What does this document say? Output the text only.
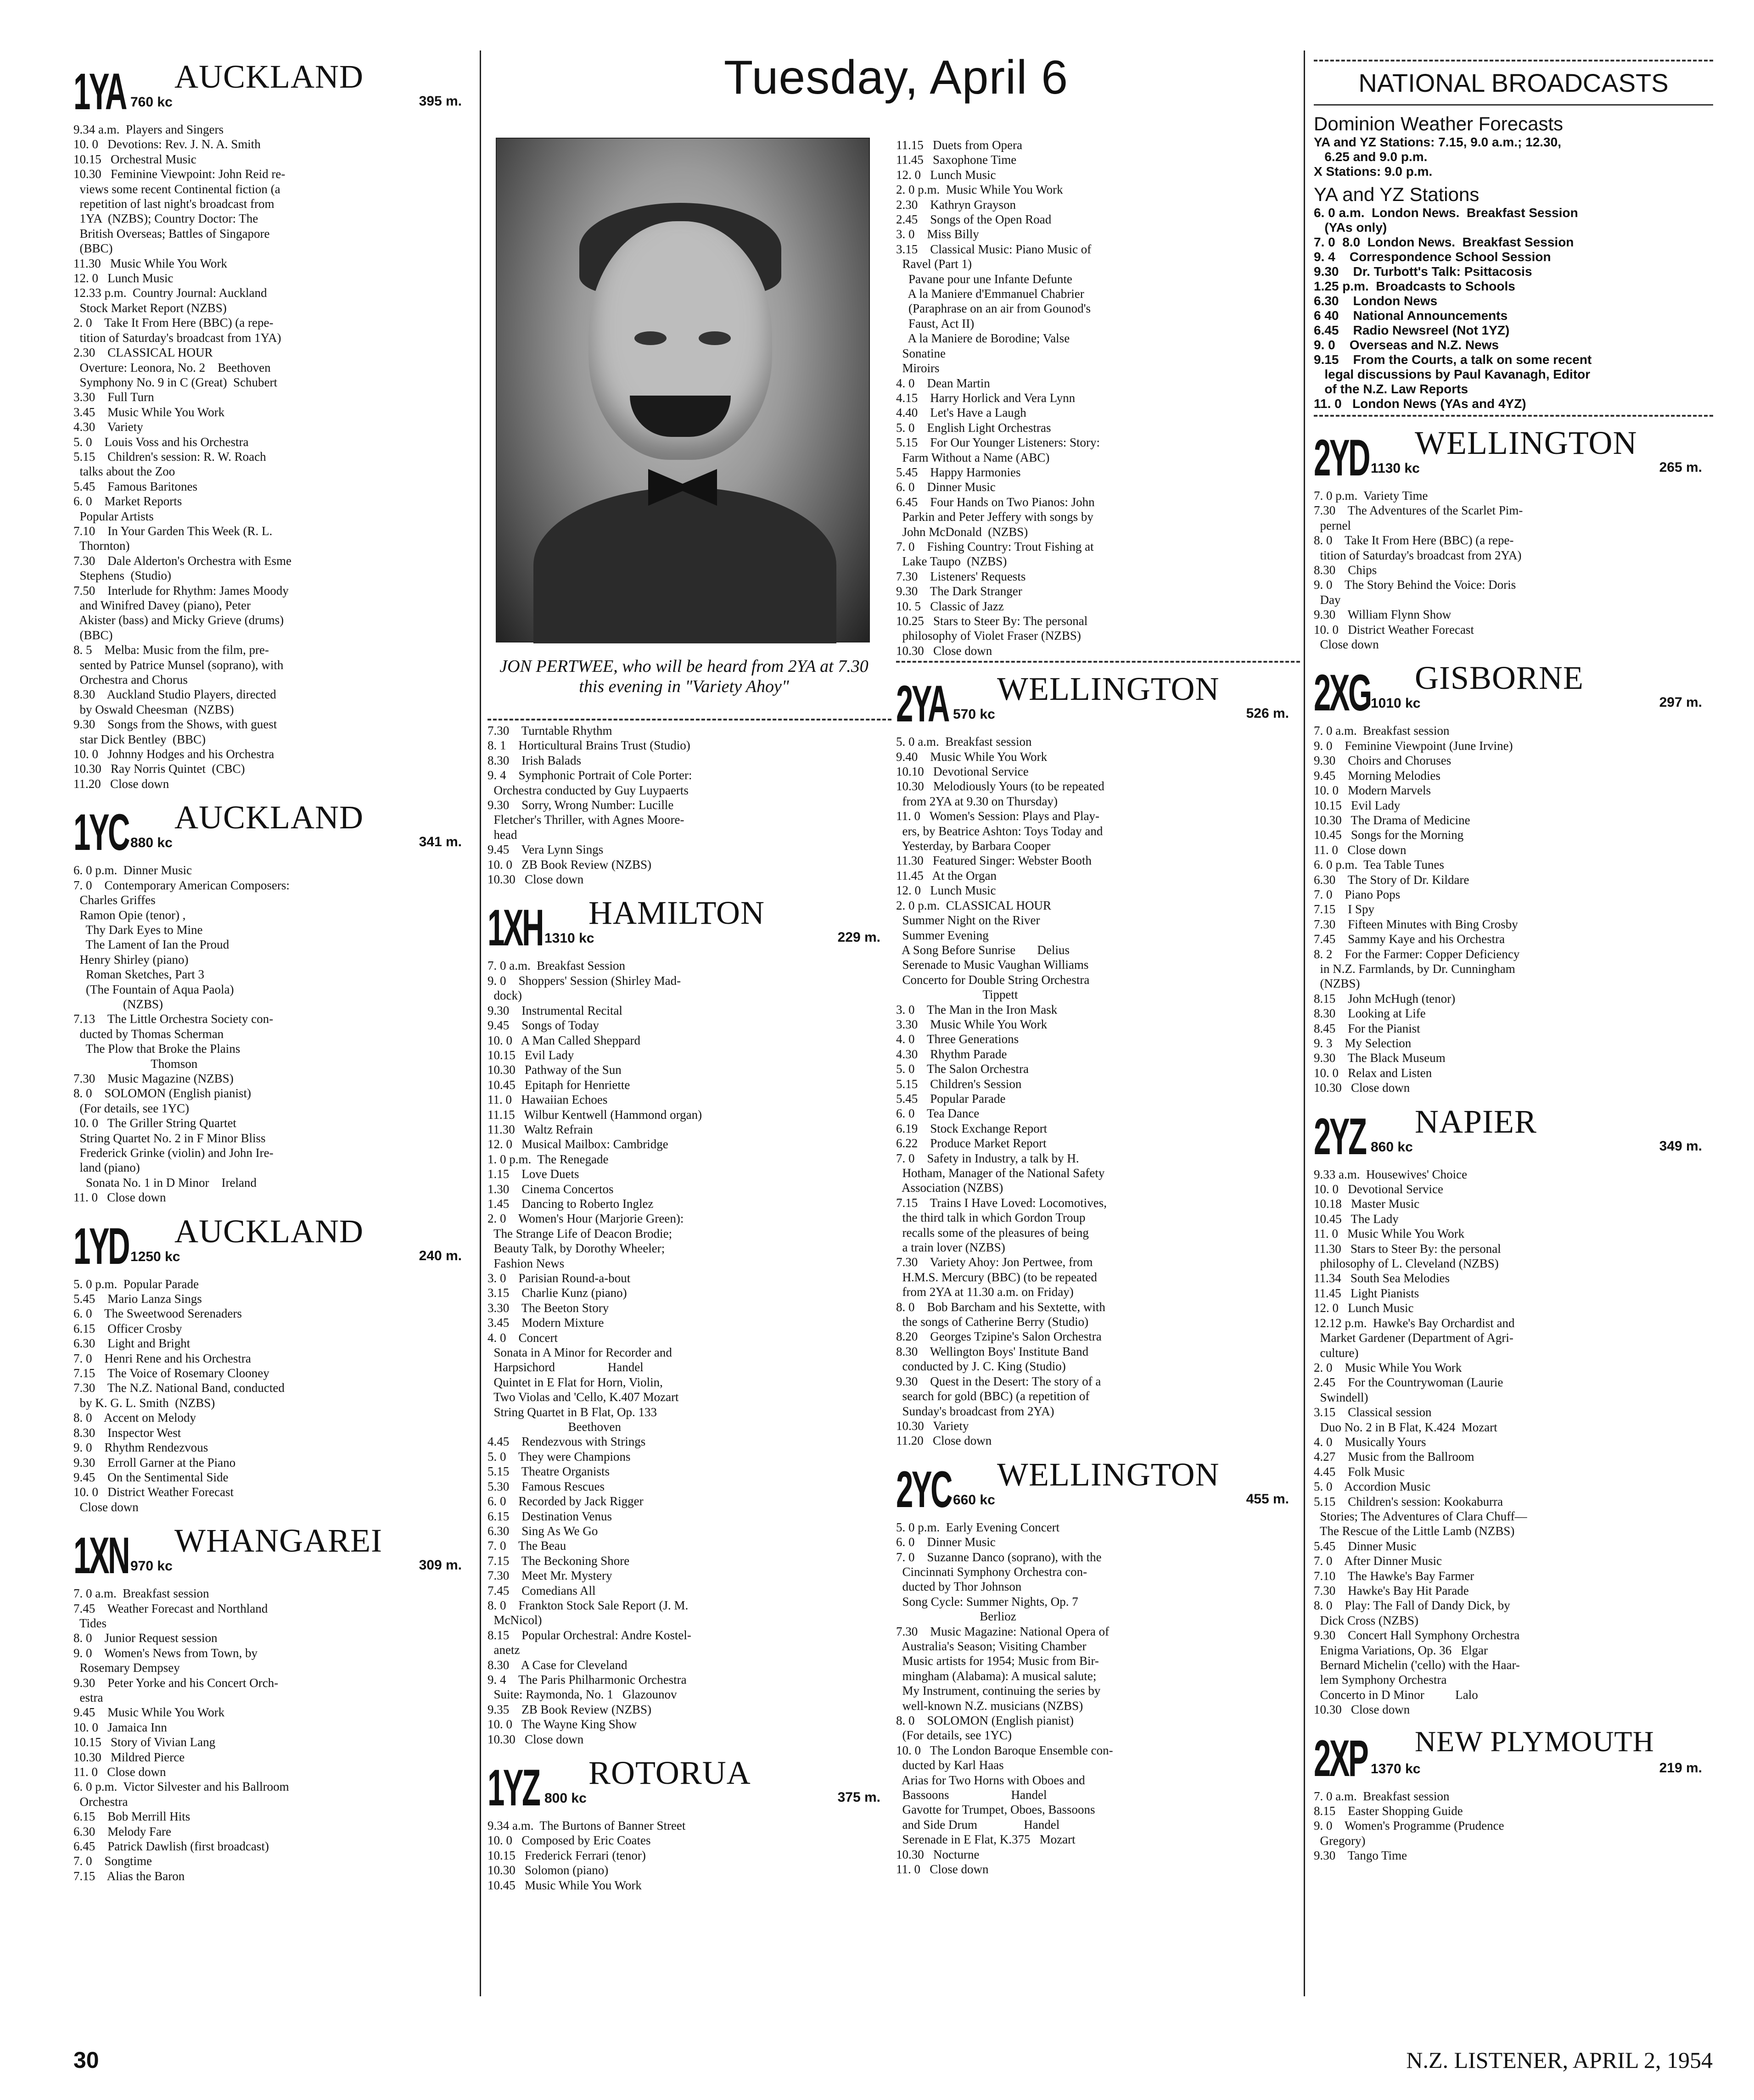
1YA 760 kc
AUCKLAND
395 m.
9.34 a.m.  Players and Singers
10. 0   Devotions: Rev. J. N. A. Smith
10.15   Orchestral Music
10.30   Feminine Viewpoint: John Reid re-
views some recent Continental fiction (a
repetition of last night's broadcast from
1YA  (NZBS); Country Doctor: The
British Overseas; Battles of Singapore
(BBC)
11.30   Music While You Work
12. 0   Lunch Music
12.33 p.m.  Country Journal: Auckland
Stock Market Report (NZBS)
2. 0    Take It From Here (BBC) (a repe-
tition of Saturday's broadcast from 1YA)
2.30    CLASSICAL HOUR
Overture: Leonora, No. 2    Beethoven
Symphony No. 9 in C (Great)  Schubert
3.30    Full Turn
3.45    Music While You Work
4.30    Variety
5. 0    Louis Voss and his Orchestra
5.15    Children's session: R. W. Roach
talks about the Zoo
5.45    Famous Baritones
6. 0    Market Reports
Popular Artists
7.10    In Your Garden This Week (R. L.
Thornton)
7.30    Dale Alderton's Orchestra with Esme
Stephens  (Studio)
7.50    Interlude for Rhythm: James Moody
and Winifred Davey (piano), Peter
Akister (bass) and Micky Grieve (drums)
(BBC)
8. 5    Melba: Music from the film, pre-
sented by Patrice Munsel (soprano), with
Orchestra and Chorus
8.30    Auckland Studio Players, directed
by Oswald Cheesman  (NZBS)
9.30    Songs from the Shows, with guest
star Dick Bentley  (BBC)
10. 0   Johnny Hodges and his Orchestra
10.30   Ray Norris Quintet  (CBC)
11.20   Close down
1YC 880 kc
AUCKLAND
341 m.
6. 0 p.m.  Dinner Music
7. 0    Contemporary American Composers:
Charles Griffes
Ramon Opie (tenor) ,
Thy Dark Eyes to Mine
The Lament of Ian the Proud
Henry Shirley (piano)
Roman Sketches, Part 3
(The Fountain of Aqua Paola)
(NZBS)
7.13    The Little Orchestra Society con-
ducted by Thomas Scherman
The Plow that Broke the Plains
Thomson
7.30    Music Magazine (NZBS)
8. 0    SOLOMON (English pianist)
(For details, see 1YC)
10. 0   The Griller String Quartet
String Quartet No. 2 in F Minor Bliss
Frederick Grinke (violin) and John Ire-
land (piano)
Sonata No. 1 in D Minor    Ireland
11. 0   Close down
1YD 1250 kc
AUCKLAND
240 m.
5. 0 p.m.  Popular Parade
5.45    Mario Lanza Sings
6. 0    The Sweetwood Serenaders
6.15    Officer Crosby
6.30    Light and Bright
7. 0    Henri Rene and his Orchestra
7.15    The Voice of Rosemary Clooney
7.30    The N.Z. National Band, conducted
by K. G. L. Smith  (NZBS)
8. 0    Accent on Melody
8.30    Inspector West
9. 0    Rhythm Rendezvous
9.30    Erroll Garner at the Piano
9.45    On the Sentimental Side
10. 0   District Weather Forecast
Close down
1XN 970 kc
WHANGAREI
309 m.
7. 0 a.m.  Breakfast session
7.45    Weather Forecast and Northland
Tides
8. 0    Junior Request session
9. 0    Women's News from Town, by
Rosemary Dempsey
9.30    Peter Yorke and his Concert Orch-
estra
9.45    Music While You Work
10. 0   Jamaica Inn
10.15   Story of Vivian Lang
10.30   Mildred Pierce
11. 0   Close down
6. 0 p.m.  Victor Silvester and his Ballroom
Orchestra
6.15    Bob Merrill Hits
6.30    Melody Fare
6.45    Patrick Dawlish (first broadcast)
7. 0    Songtime
7.15    Alias the Baron
Tuesday, April 6
JON PERTWEE, who will be heard from 2YA at 7.30 this evening in "Variety Ahoy"
7.30    Turntable Rhythm
8. 1    Horticultural Brains Trust (Studio)
8.30    Irish Balads
9. 4    Symphonic Portrait of Cole Porter:
Orchestra conducted by Guy Luypaerts
9.30    Sorry, Wrong Number: Lucille
Fletcher's Thriller, with Agnes Moore-
head
9.45    Vera Lynn Sings
10. 0   ZB Book Review (NZBS)
10.30   Close down
1XH 1310 kc
HAMILTON
229 m.
7. 0 a.m.  Breakfast Session
9. 0    Shoppers' Session (Shirley Mad-
dock)
9.30    Instrumental Recital
9.45    Songs of Today
10. 0   A Man Called Sheppard
10.15   Evil Lady
10.30   Pathway of the Sun
10.45   Epitaph for Henriette
11. 0   Hawaiian Echoes
11.15   Wilbur Kentwell (Hammond organ)
11.30   Waltz Refrain
12. 0   Musical Mailbox: Cambridge
1. 0 p.m.  The Renegade
1.15    Love Duets
1.30    Cinema Concertos
1.45    Dancing to Roberto Inglez
2. 0    Women's Hour (Marjorie Green):
The Strange Life of Deacon Brodie;
Beauty Talk, by Dorothy Wheeler;
Fashion News
3. 0    Parisian Round-a-bout
3.15    Charlie Kunz (piano)
3.30    The Beeton Story
3.45    Modern Mixture
4. 0    Concert
Sonata in A Minor for Recorder and
Harpsichord                 Handel
Quintet in E Flat for Horn, Violin,
Two Violas and 'Cello, K.407 Mozart
String Quartet in B Flat, Op. 133
Beethoven
4.45    Rendezvous with Strings
5. 0    They were Champions
5.15    Theatre Organists
5.30    Famous Rescues
6. 0    Recorded by Jack Rigger
6.15    Destination Venus
6.30    Sing As We Go
7. 0    The Beau
7.15    The Beckoning Shore
7.30    Meet Mr. Mystery
7.45    Comedians All
8. 0    Frankton Stock Sale Report (J. M.
McNicol)
8.15    Popular Orchestral: Andre Kostel-
anetz
8.30    A Case for Cleveland
9. 4    The Paris Philharmonic Orchestra
Suite: Raymonda, No. 1   Glazounov
9.35    ZB Book Review (NZBS)
10. 0   The Wayne King Show
10.30   Close down
1YZ 800 kc
ROTORUA
375 m.
9.34 a.m.  The Burtons of Banner Street
10. 0   Composed by Eric Coates
10.15   Frederick Ferrari (tenor)
10.30   Solomon (piano)
10.45   Music While You Work
11.15   Duets from Opera
11.45   Saxophone Time
12. 0   Lunch Music
2. 0 p.m.  Music While You Work
2.30    Kathryn Grayson
2.45    Songs of the Open Road
3. 0    Miss Billy
3.15    Classical Music: Piano Music of
Ravel (Part 1)
Pavane pour une Infante Defunte
A la Maniere d'Emmanuel Chabrier
(Paraphrase on an air from Gounod's
Faust, Act II)
A la Maniere de Borodine; Valse
Sonatine
Miroirs
4. 0    Dean Martin
4.15    Harry Horlick and Vera Lynn
4.40    Let's Have a Laugh
5. 0    English Light Orchestras
5.15    For Our Younger Listeners: Story:
Farm Without a Name (ABC)
5.45    Happy Harmonies
6. 0    Dinner Music
6.45    Four Hands on Two Pianos: John
Parkin and Peter Jeffery with songs by
John McDonald  (NZBS)
7. 0    Fishing Country: Trout Fishing at
Lake Taupo  (NZBS)
7.30    Listeners' Requests
9.30    The Dark Stranger
10. 5   Classic of Jazz
10.25   Stars to Steer By: The personal
philosophy of Violet Fraser (NZBS)
10.30   Close down
2YA 570 kc
WELLINGTON
526 m.
5. 0 a.m.  Breakfast session
9.40    Music While You Work
10.10   Devotional Service
10.30   Melodiously Yours (to be repeated
from 2YA at 9.30 on Thursday)
11. 0   Women's Session: Plays and Play-
ers, by Beatrice Ashton: Toys Today and
Yesterday, by Barbara Cooper
11.30   Featured Singer: Webster Booth
11.45   At the Organ
12. 0   Lunch Music
2. 0 p.m.  CLASSICAL HOUR
Summer Night on the River
Summer Evening
A Song Before Sunrise       Delius
Serenade to Music Vaughan Williams
Concerto for Double String Orchestra
Tippett
3. 0    The Man in the Iron Mask
3.30    Music While You Work
4. 0    Three Generations
4.30    Rhythm Parade
5. 0    The Salon Orchestra
5.15    Children's Session
5.45    Popular Parade
6. 0    Tea Dance
6.19    Stock Exchange Report
6.22    Produce Market Report
7. 0    Safety in Industry, a talk by H.
Hotham, Manager of the National Safety
Association (NZBS)
7.15    Trains I Have Loved: Locomotives,
the third talk in which Gordon Troup
recalls some of the pleasures of being
a train lover (NZBS)
7.30    Variety Ahoy: Jon Pertwee, from
H.M.S. Mercury (BBC) (to be repeated
from 2YA at 11.30 a.m. on Friday)
8. 0    Bob Barcham and his Sextette, with
the songs of Catherine Berry (Studio)
8.20    Georges Tzipine's Salon Orchestra
8.30    Wellington Boys' Institute Band
conducted by J. C. King (Studio)
9.30    Quest in the Desert: The story of a
search for gold (BBC) (a repetition of
Sunday's broadcast from 2YA)
10.30   Variety
11.20   Close down
2YC 660 kc
WELLINGTON
455 m.
5. 0 p.m.  Early Evening Concert
6. 0    Dinner Music
7. 0    Suzanne Danco (soprano), with the
Cincinnati Symphony Orchestra con-
ducted by Thor Johnson
Song Cycle: Summer Nights, Op. 7
Berlioz
7.30    Music Magazine: National Opera of
Australia's Season; Visiting Chamber
Music artists for 1954; Music from Bir-
mingham (Alabama): A musical salute;
My Instrument, continuing the series by
well-known N.Z. musicians (NZBS)
8. 0    SOLOMON (English pianist)
(For details, see 1YC)
10. 0   The London Baroque Ensemble con-
ducted by Karl Haas
Arias for Two Horns with Oboes and
Bassoons                    Handel
Gavotte for Trumpet, Oboes, Bassoons
and Side Drum               Handel
Serenade in E Flat, K.375   Mozart
10.30   Nocturne
11. 0   Close down
NATIONAL BROADCASTS
Dominion Weather Forecasts
YA and YZ Stations: 7.15, 9.0 a.m.; 12.30,
6.25 and 9.0 p.m.
X Stations: 9.0 p.m.
YA and YZ Stations
6. 0 a.m.  London News.  Breakfast Session
(YAs only)
7. 0  8.0  London News.  Breakfast Session
9. 4    Correspondence School Session
9.30    Dr. Turbott's Talk: Psittacosis
1.25 p.m.  Broadcasts to Schools
6.30    London News
6 40    National Announcements
6.45    Radio Newsreel (Not 1YZ)
9. 0    Overseas and N.Z. News
9.15    From the Courts, a talk on some recent
legal discussions by Paul Kavanagh, Editor
of the N.Z. Law Reports
11. 0   London News (YAs and 4YZ)
2YD 1130 kc
WELLINGTON
265 m.
7. 0 p.m.  Variety Time
7.30    The Adventures of the Scarlet Pim-
pernel
8. 0    Take It From Here (BBC) (a repe-
tition of Saturday's broadcast from 2YA)
8.30    Chips
9. 0    The Story Behind the Voice: Doris
Day
9.30    William Flynn Show
10. 0   District Weather Forecast
Close down
2XG 1010 kc
GISBORNE
297 m.
7. 0 a.m.  Breakfast session
9. 0    Feminine Viewpoint (June Irvine)
9.30    Choirs and Choruses
9.45    Morning Melodies
10. 0   Modern Marvels
10.15   Evil Lady
10.30   The Drama of Medicine
10.45   Songs for the Morning
11. 0   Close down
6. 0 p.m.  Tea Table Tunes
6.30    The Story of Dr. Kildare
7. 0    Piano Pops
7.15    I Spy
7.30    Fifteen Minutes with Bing Crosby
7.45    Sammy Kaye and his Orchestra
8. 2    For the Farmer: Copper Deficiency
in N.Z. Farmlands, by Dr. Cunningham
(NZBS)
8.15    John McHugh (tenor)
8.30    Looking at Life
8.45    For the Pianist
9. 3    My Selection
9.30    The Black Museum
10. 0   Relax and Listen
10.30   Close down
2YZ 860 kc
NAPIER
349 m.
9.33 a.m.  Housewives' Choice
10. 0   Devotional Service
10.18   Master Music
10.45   The Lady
11. 0   Music While You Work
11.30   Stars to Steer By: the personal
philosophy of L. Cleveland (NZBS)
11.34   South Sea Melodies
11.45   Light Pianists
12. 0   Lunch Music
12.12 p.m.  Hawke's Bay Orchardist and
Market Gardener (Department of Agri-
culture)
2. 0    Music While You Work
2.45    For the Countrywoman (Laurie
Swindell)
3.15    Classical session
Duo No. 2 in B Flat, K.424  Mozart
4. 0    Musically Yours
4.27    Music from the Ballroom
4.45    Folk Music
5. 0    Accordion Music
5.15    Children's session: Kookaburra
Stories; The Adventures of Clara Chuff—
The Rescue of the Little Lamb (NZBS)
5.45    Dinner Music
7. 0    After Dinner Music
7.10    The Hawke's Bay Farmer
7.30    Hawke's Bay Hit Parade
8. 0    Play: The Fall of Dandy Dick, by
Dick Cross (NZBS)
9.30    Concert Hall Symphony Orchestra
Enigma Variations, Op. 36   Elgar
Bernard Michelin ('cello) with the Haar-
lem Symphony Orchestra
Concerto in D Minor          Lalo
10.30   Close down
2XP 1370 kc
NEW PLYMOUTH
219 m.
7. 0 a.m.  Breakfast session
8.15    Easter Shopping Guide
9. 0    Women's Programme (Prudence
Gregory)
9.30    Tango Time
30	N.Z. LISTENER, APRIL 2, 1954
